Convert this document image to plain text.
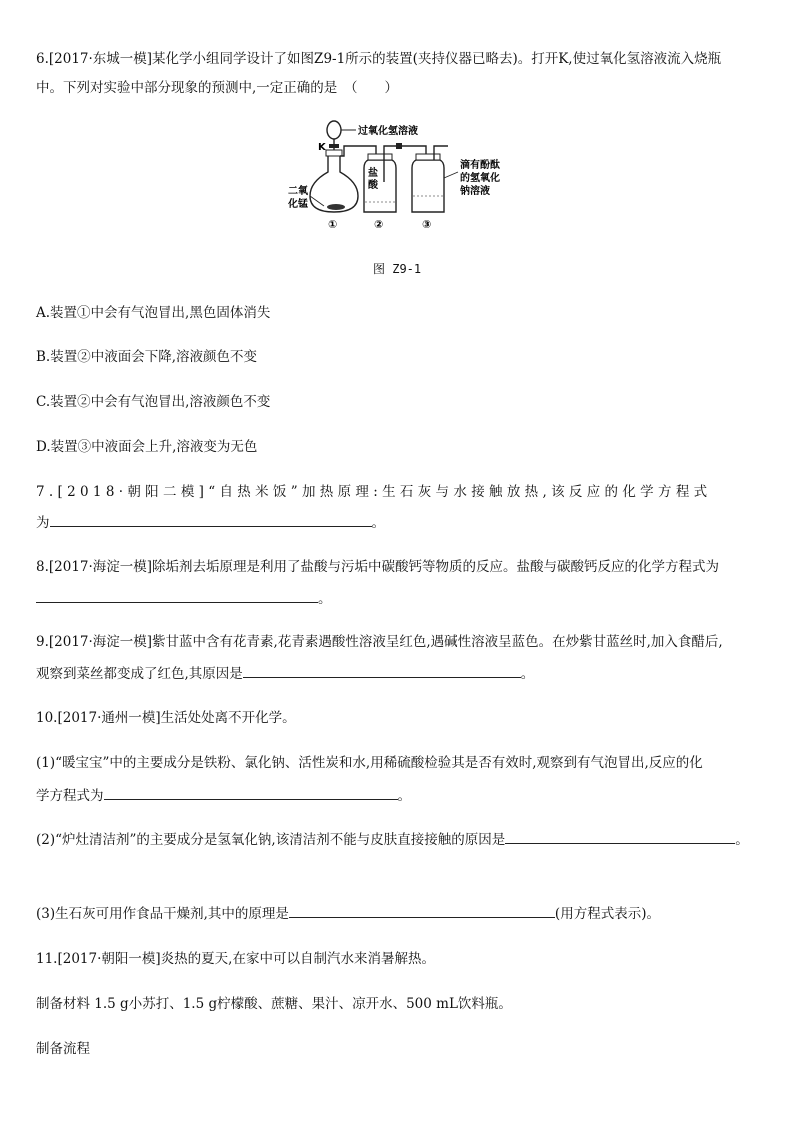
6.[2017·东城一模]某化学小组同学设计了如图Z9-1所示的装置(夹持仪器已略去)。打开K,使过氧化氢溶液流入烧瓶
中。下列对实验中部分现象的预测中,一定正确的是　（　　）
过氧化氢溶液
K
二氧
化锰
盐
酸
滴有酚酞
的氢氧化
钠溶液
①	②	③
图 Z9-1
A.装置①中会有气泡冒出,黑色固体消失
B.装置②中液面会下降,溶液颜色不变
C.装置②中会有气泡冒出,溶液颜色不变
D.装置③中液面会上升,溶液变为无色
7.[2018·朝阳二模]“自热米饭”加热原理:生石灰与水接触放热,该反应的化学方程式
为	。
8.[2017·海淀一模]除垢剂去垢原理是利用了盐酸与污垢中碳酸钙等物质的反应。盐酸与碳酸钙反应的化学方程式为
。
9.[2017·海淀一模]紫甘蓝中含有花青素,花青素遇酸性溶液呈红色,遇碱性溶液呈蓝色。在炒紫甘蓝丝时,加入食醋后,
观察到菜丝都变成了红色,其原因是	。
10.[2017·通州一模]生活处处离不开化学。
(1)“暖宝宝”中的主要成分是铁粉、氯化钠、活性炭和水,用稀硫酸检验其是否有效时,观察到有气泡冒出,反应的化
学方程式为	。
(2)“炉灶清洁剂”的主要成分是氢氧化钠,该清洁剂不能与皮肤直接接触的原因是	。
(3)生石灰可用作食品干燥剂,其中的原理是	(用方程式表示)。
11.[2017·朝阳一模]炎热的夏天,在家中可以自制汽水来消暑解热。
制备材料 1.5 g小苏打、1.5 g柠檬酸、蔗糖、果汁、凉开水、500 mL饮料瓶。
制备流程
